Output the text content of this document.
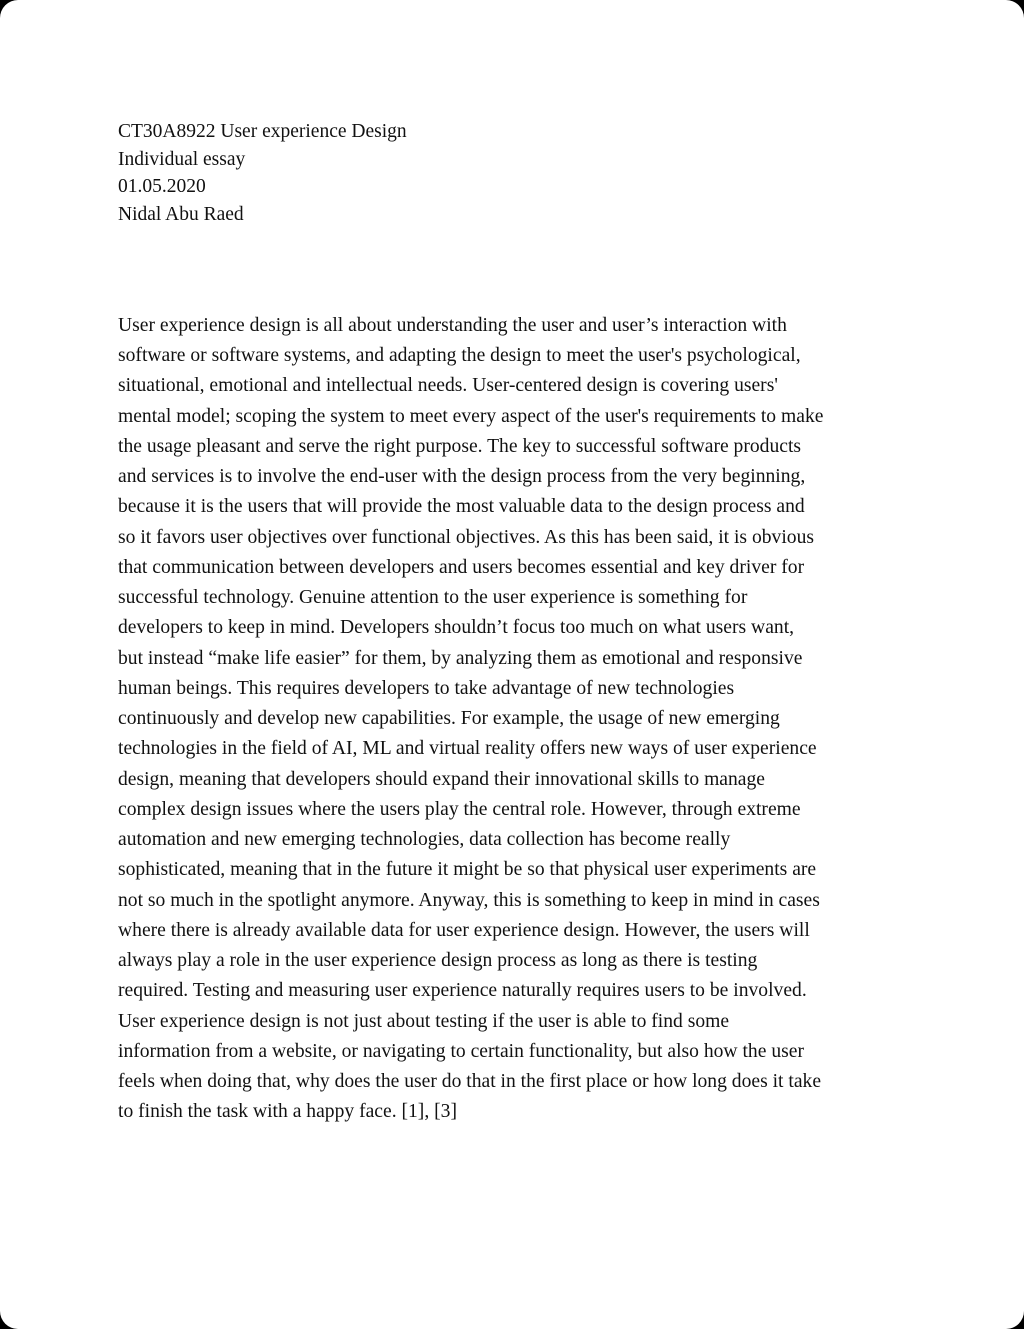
CT30A8922 User experience Design

Individual essay

01.05.2020

Nidal Abu Raed

User experience design is all about understanding the user and user’s interaction with
software or software systems, and adapting the design to meet the user's psychological,
situational, emotional and intellectual needs. User-centered design is covering users'
mental model; scoping the system to meet every aspect of the user's requirements to make
the usage pleasant and serve the right purpose. The key to successful software products
and services is to involve the end-user with the design process from the very beginning,
because it is the users that will provide the most valuable data to the design process and
so it favors user objectives over functional objectives. As this has been said, it is obvious
that communication between developers and users becomes essential and key driver for
successful technology. Genuine attention to the user experience is something for
developers to keep in mind. Developers shouldn’t focus too much on what users want,
but instead “make life easier” for them, by analyzing them as emotional and responsive
human beings. This requires developers to take advantage of new technologies
continuously and develop new capabilities. For example, the usage of new emerging
technologies in the field of AI, ML and virtual reality offers new ways of user experience
design, meaning that developers should expand their innovational skills to manage
complex design issues where the users play the central role. However, through extreme
automation and new emerging technologies, data collection has become really
sophisticated, meaning that in the future it might be so that physical user experiments are
not so much in the spotlight anymore. Anyway, this is something to keep in mind in cases
where there is already available data for user experience design. However, the users will
always play a role in the user experience design process as long as there is testing
required. Testing and measuring user experience naturally requires users to be involved.
User experience design is not just about testing if the user is able to find some
information from a website, or navigating to certain functionality, but also how the user
feels when doing that, why does the user do that in the first place or how long does it take
to finish the task with a happy face. [1], [3]
